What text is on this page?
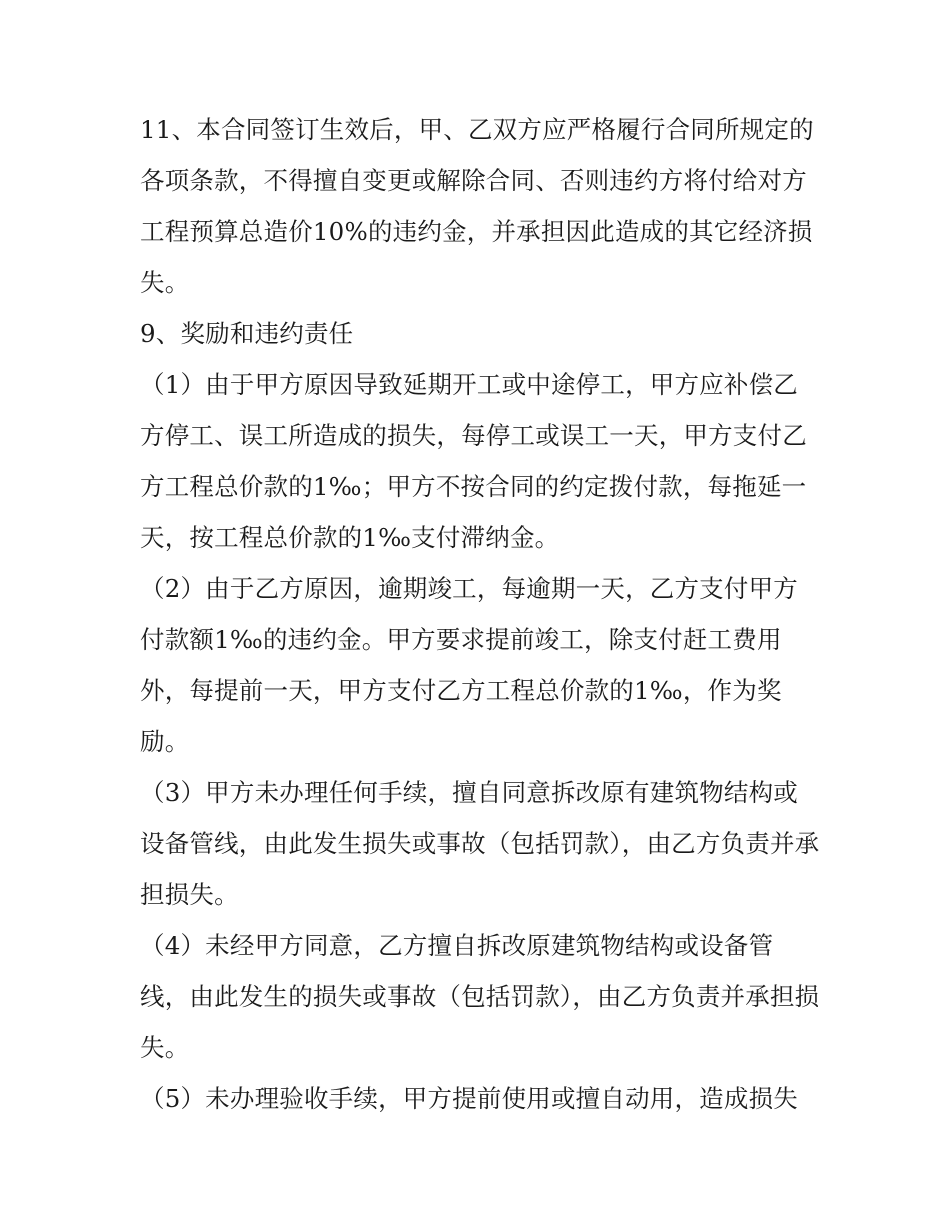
11、本合同签订生效后，甲、乙双方应严格履行合同所规定的各项条款，不得擅自变更或解除合同、否则违约方将付给对方工程预算总造价10%的违约金，并承担因此造成的其它经济损失。

9、奖励和违约责任

（1）由于甲方原因导致延期开工或中途停工，甲方应补偿乙方停工、误工所造成的损失，每停工或误工一天，甲方支付乙方工程总价款的1‰；甲方不按合同的约定拨付款，每拖延一天，按工程总价款的1‰支付滞纳金。

（2）由于乙方原因，逾期竣工，每逾期一天，乙方支付甲方付款额1‰的违约金。甲方要求提前竣工，除支付赶工费用外，每提前一天，甲方支付乙方工程总价款的1‰，作为奖励。

（3）甲方未办理任何手续，擅自同意拆改原有建筑物结构或设备管线，由此发生损失或事故（包括罚款），由乙方负责并承担损失。

（4）未经甲方同意，乙方擅自拆改原建筑物结构或设备管线，由此发生的损失或事故（包括罚款），由乙方负责并承担损失。

（5）未办理验收手续，甲方提前使用或擅自动用，造成损失
